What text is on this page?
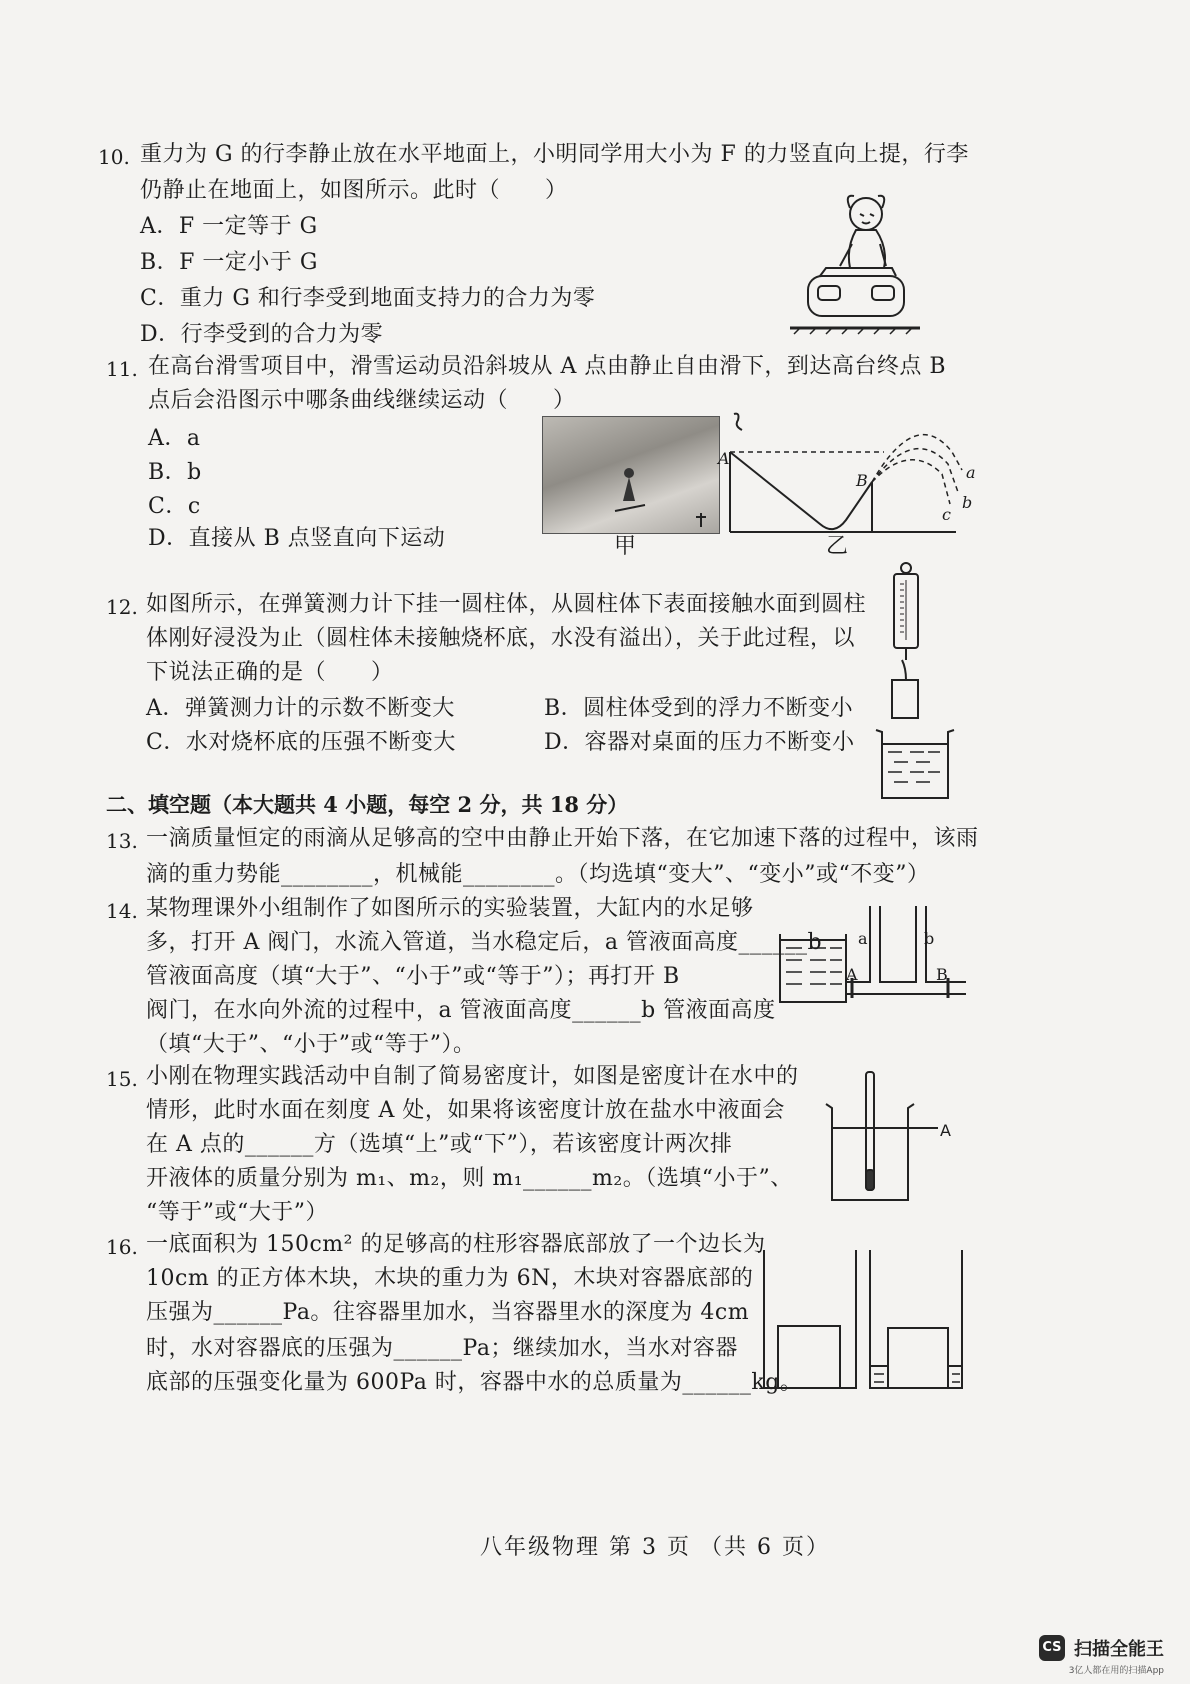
10. 重力为 G 的行李静止放在水平地面上，小明同学用大小为 F 的力竖直向上提，行李
仍静止在地面上，如图所示。此时（　　）
A．F 一定等于 G
B．F 一定小于 G
C．重力 G 和行李受到地面支持力的合力为零
D．行李受到的合力为零
11. 在高台滑雪项目中，滑雪运动员沿斜坡从 A 点由静止自由滑下，到达高台终点 B
点后会沿图示中哪条曲线继续运动（　　）
A．a
B．b
C．c
D．直接从 B 点竖直向下运动	甲
A
B	a
b
c
乙
12. 如图所示，在弹簧测力计下挂一圆柱体，从圆柱体下表面接触水面到圆柱
体刚好浸没为止（圆柱体未接触烧杯底，水没有溢出），关于此过程，以
下说法正确的是（　　）
A．弹簧测力计的示数不断变大	B．圆柱体受到的浮力不断变小
C．水对烧杯底的压强不断变大	D．容器对桌面的压力不断变小
二、填空题（本大题共 4 小题，每空 2 分，共 18 分）
13. 一滴质量恒定的雨滴从足够高的空中由静止开始下落，在它加速下落的过程中，该雨
滴的重力势能________，机械能________。（均选填“变大”、“变小”或“不变”）
14. 某物理课外小组制作了如图所示的实验装置，大缸内的水足够
多，打开 A 阀门，水流入管道，当水稳定后，a 管液面高度______b
管液面高度（填“大于”、“小于”或“等于”）；再打开 B
阀门，在水向外流的过程中，a 管液面高度______b 管液面高度
（填“大于”、“小于”或“等于”）。
a	b
A	B
15. 小刚在物理实践活动中自制了简易密度计，如图是密度计在水中的
情形，此时水面在刻度 A 处，如果将该密度计放在盐水中液面会
在 A 点的______方（选填“上”或“下”），若该密度计两次排
开液体的质量分别为 m₁、m₂，则 m₁______m₂。（选填“小于”、
“等于”或“大于”）
A
16. 一底面积为 150cm² 的足够高的柱形容器底部放了一个边长为
10cm 的正方体木块，木块的重力为 6N，木块对容器底部的
压强为______Pa。往容器里加水，当容器里水的深度为 4cm
时，水对容器底的压强为______Pa；继续加水，当水对容器
底部的压强变化量为 600Pa 时，容器中水的总质量为______kg。
八年级物理 第 3 页 （共 6 页）
CS 扫描全能王
3亿人都在用的扫描App
